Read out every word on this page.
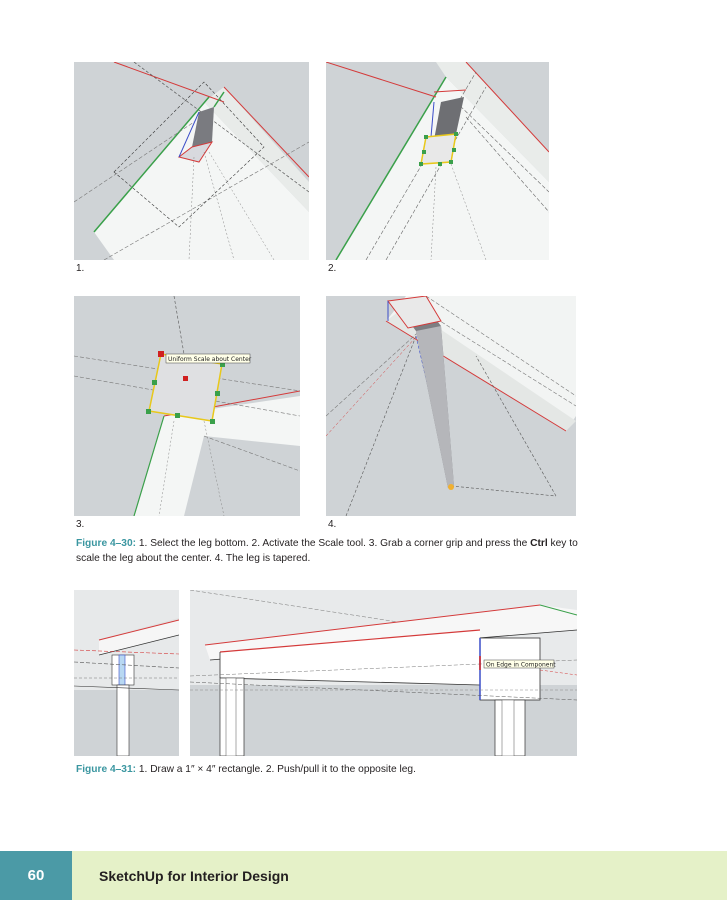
1.	2.
Uniform Scale about Center
3.	4.
Figure 4–30: 1. Select the leg bottom. 2. Activate the Scale tool. 3. Grab a corner grip and press the Ctrl key to scale the leg about the center. 4. The leg is tapered.
On Edge in Component
Figure 4–31: 1. Draw a 1″ × 4″ rectangle. 2. Push/pull it to the opposite leg.
60	SketchUp for Interior Design
